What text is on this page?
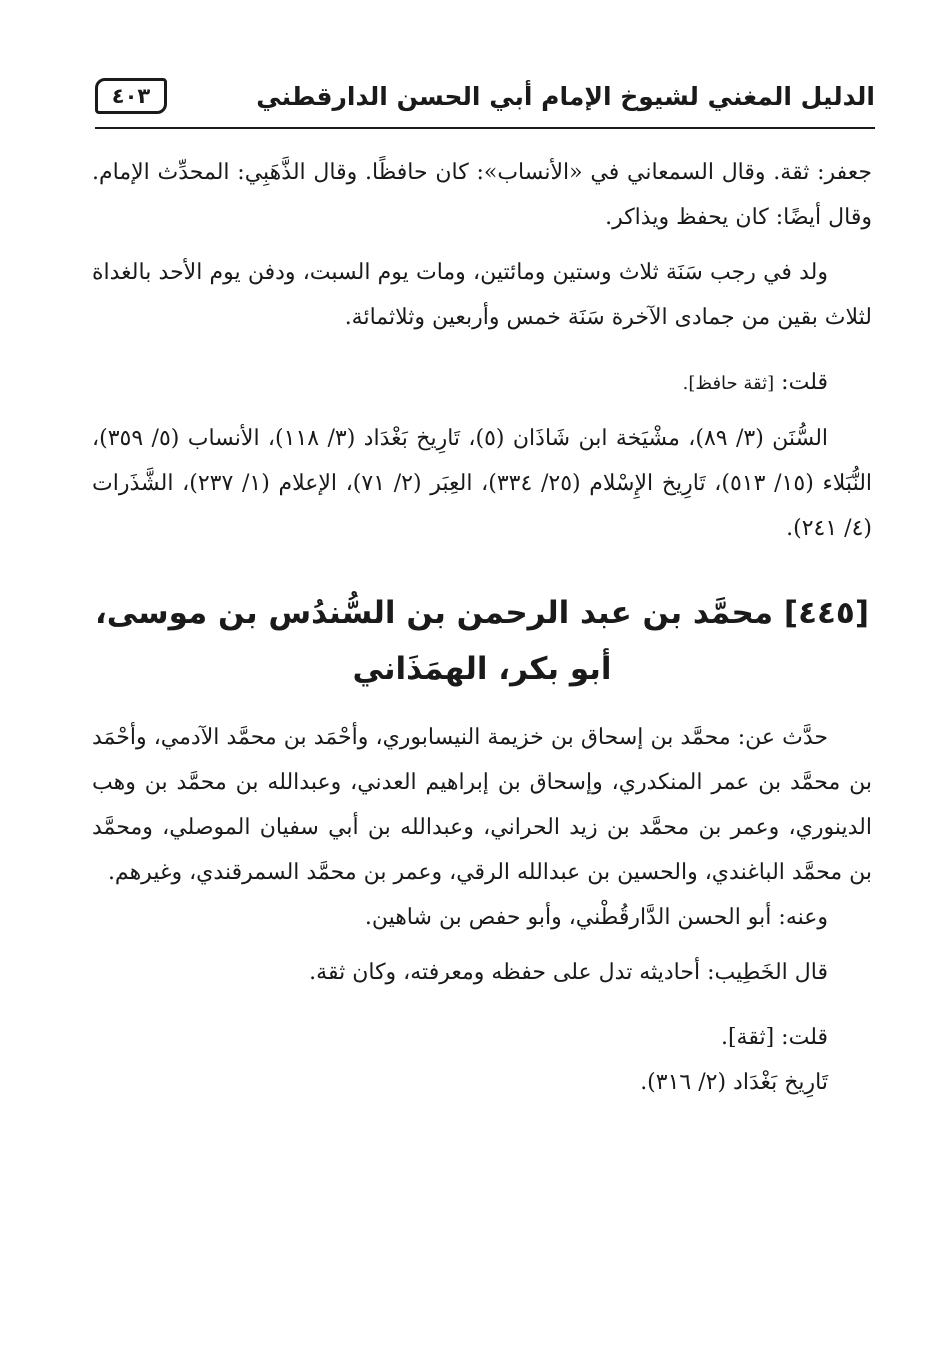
الدليل المغني لشيوخ الإمام أبي الحسن الدارقطني
٤٠٣

جعفر: ثقة. وقال السمعاني في «الأنساب»: كان حافظًا. وقال الذَّهَبِي: المحدِّث الإمام. وقال أيضًا: كان يحفظ ويذاكر.

ولد في رجب سَنَة ثلاث وستين ومائتين، ومات يوم السبت، ودفن يوم الأحد بالغداة لثلاث بقين من جمادى الآخرة سَنَة خمس وأربعين وثلاثمائة.

قلت: [ثقة حافظ].

السُّنَن (٣/ ٨٩)، مشْيَخة ابن شَاذَان (٥)، تَارِيخ بَغْدَاد (٣/ ١١٨)، الأنساب (٥/ ٣٥٩)، النُّبَلاء (١٥/ ٥١٣)، تَارِيخ الإِسْلام (٢٥/ ٣٣٤)، العِبَر (٢/ ٧١)، الإعلام (١/ ٢٣٧)، الشَّذَرات (٤/ ٢٤١).

[٤٤٥] محمَّد بن عبد الرحمن بن السُّندُس بن موسى، أبو بكر، الهمَذَاني

حدَّث عن: محمَّد بن إسحاق بن خزيمة النيسابوري، وأحْمَد بن محمَّد الآدمي، وأحْمَد بن محمَّد بن عمر المنكدري، وإسحاق بن إبراهيم العدني، وعبدالله بن محمَّد بن وهب الدينوري، وعمر بن محمَّد بن زيد الحراني، وعبدالله بن أبي سفيان الموصلي، ومحمَّد بن محمَّد الباغندي، والحسين بن عبدالله الرقي، وعمر بن محمَّد السمرقندي، وغيرهم.

وعنه: أبو الحسن الدَّارقُطْني، وأبو حفص بن شاهين.

قال الخَطِيب: أحاديثه تدل على حفظه ومعرفته، وكان ثقة.

قلت: [ثقة].

تَارِيخ بَغْدَاد (٢/ ٣١٦).
